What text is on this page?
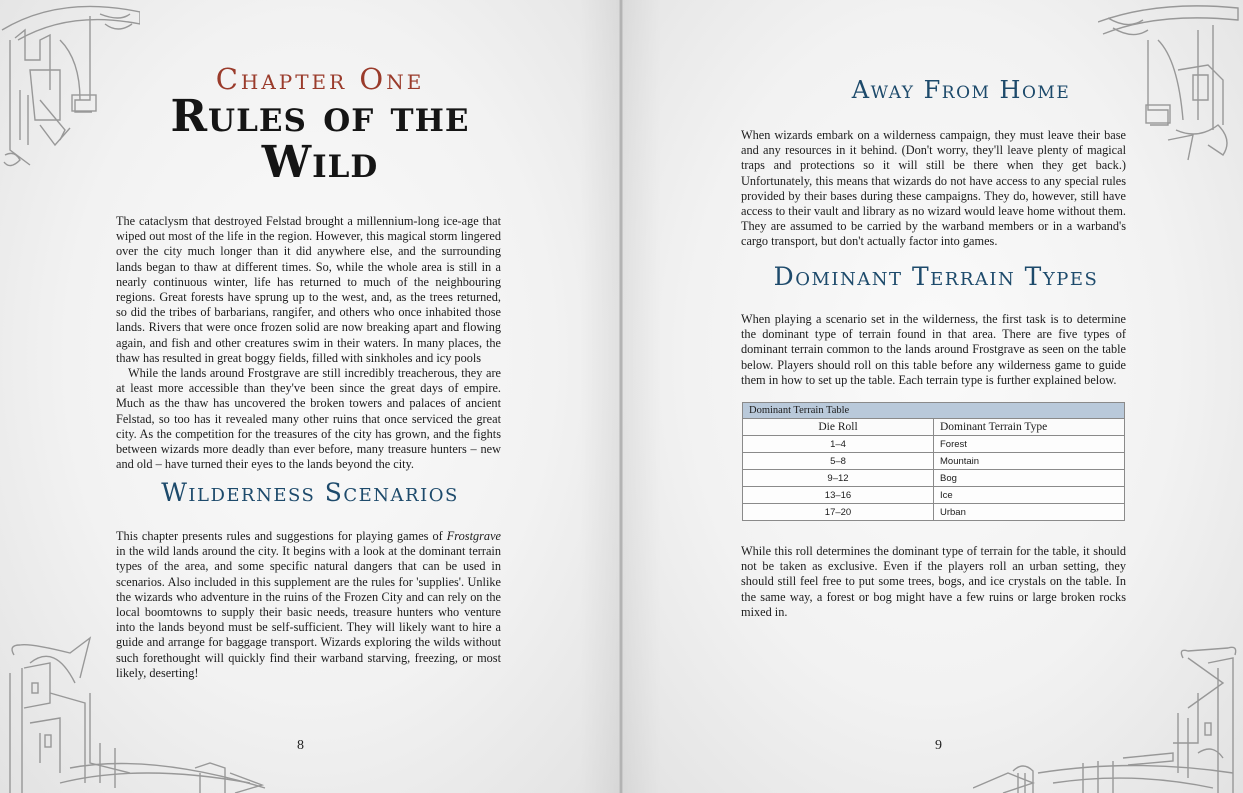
Chapter One
Rules of the
Wild

The cataclysm that destroyed Felstad brought a millennium-long ice-age that wiped out most of the life in the region. However, this magical storm lingered over the city much longer than it did anywhere else, and the surrounding lands began to thaw at different times. So, while the whole area is still in a nearly continuous winter, life has returned to much of the neighbouring regions. Great forests have sprung up to the west, and, as the trees returned, so did the tribes of barbarians, rangifer, and others who once inhabited those lands. Rivers that were once frozen solid are now breaking apart and flowing again, and fish and other creatures swim in their waters. In many places, the thaw has resulted in great boggy fields, filled with sinkholes and icy pools

While the lands around Frostgrave are still incredibly treacherous, they are at least more accessible than they've been since the great days of empire. Much as the thaw has uncovered the broken towers and palaces of ancient Felstad, so too has it revealed many other ruins that once serviced the great city. As the competition for the treasures of the city has grown, and the fights between wizards more deadly than ever before, many treasure hunters – new and old – have turned their eyes to the lands beyond the city.

Wilderness Scenarios

This chapter presents rules and suggestions for playing games of Frostgrave in the wild lands around the city. It begins with a look at the dominant terrain types of the area, and some specific natural dangers that can be used in scenarios. Also included in this supplement are the rules for 'supplies'. Unlike the wizards who adventure in the ruins of the Frozen City and can rely on the local boomtowns to supply their basic needs, treasure hunters who venture into the lands beyond must be self-sufficient. They will likely want to hire a guide and arrange for baggage transport. Wizards exploring the wilds without such forethought will quickly find their warband starving, freezing, or most likely, deserting!

8
Away From Home

When wizards embark on a wilderness campaign, they must leave their base and any resources in it behind. (Don't worry, they'll leave plenty of magical traps and protections so it will still be there when they get back.) Unfortunately, this means that wizards do not have access to any special rules provided by their bases during these campaigns. They do, however, still have access to their vault and library as no wizard would leave home without them. They are assumed to be carried by the warband members or in a warband's cargo transport, but don't actually factor into games.

Dominant Terrain Types

When playing a scenario set in the wilderness, the first task is to determine the dominant type of terrain found in that area. There are five types of dominant terrain common to the lands around Frostgrave as seen on the table below. Players should roll on this table before any wilderness game to guide them in how to set up the table. Each terrain type is further explained below.

While this roll determines the dominant type of terrain for the table, it should not be taken as exclusive. Even if the players roll an urban setting, they should still feel free to put some trees, bogs, and ice crystals on the table. In the same way, a forest or bog might have a few ruins or large broken rocks mixed in.

9
Dominant Terrain Table	
Die Roll	Dominant Terrain Type
1–4	Forest
5–8	Mountain
9–12	Bog
13–16	Ice
17–20	Urban
